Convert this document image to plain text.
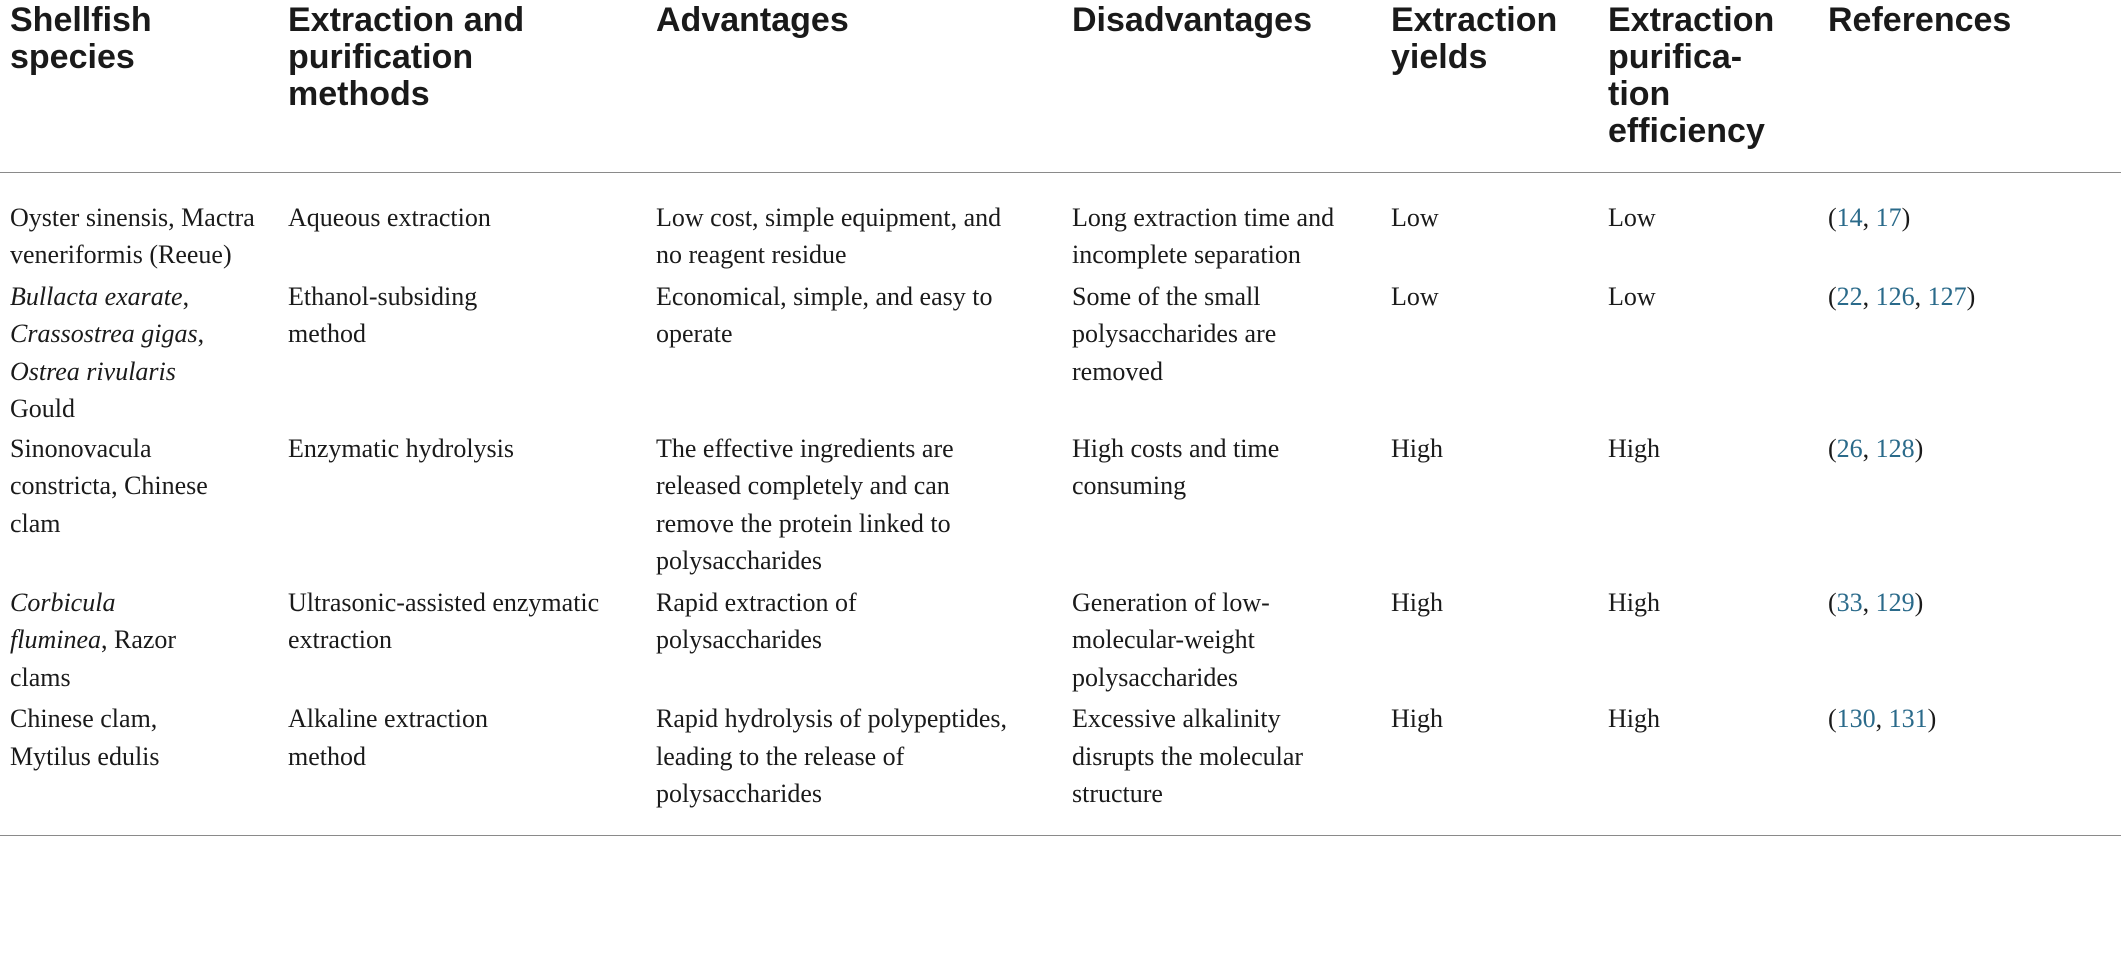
Shellfish species	Extraction and purification methods	Advantages	Disadvantages	Extraction yields	Extraction
purifica-
tion
efficiency	References
Oyster sinensis, Mactra veneriformis (Reeue)	Aqueous extraction	Low cost, simple equipment, and no reagent residue	Long extraction time and incomplete separation	Low	Low	(14, 17)
Bullacta exarate, Crassostrea gigas, Ostrea rivularis Gould	Ethanol-subsiding method	Economical, simple, and easy to operate	Some of the small polysaccharides are removed	Low	Low	(22, 126, 127)
Sinonovacula constricta, Chinese clam	Enzymatic hydrolysis	The effective ingredients are released completely and can remove the protein linked to polysaccharides	High costs and time consuming	High	High	(26, 128)
Corbicula fluminea, Razor clams	Ultrasonic-assisted enzymatic extraction	Rapid extraction of polysaccharides	Generation of low-molecular-weight polysaccharides	High	High	(33, 129)
Chinese clam, Mytilus edulis	Alkaline extraction method	Rapid hydrolysis of polypeptides, leading to the release of polysaccharides	Excessive alkalinity disrupts the molecular structure	High	High	(130, 131)
